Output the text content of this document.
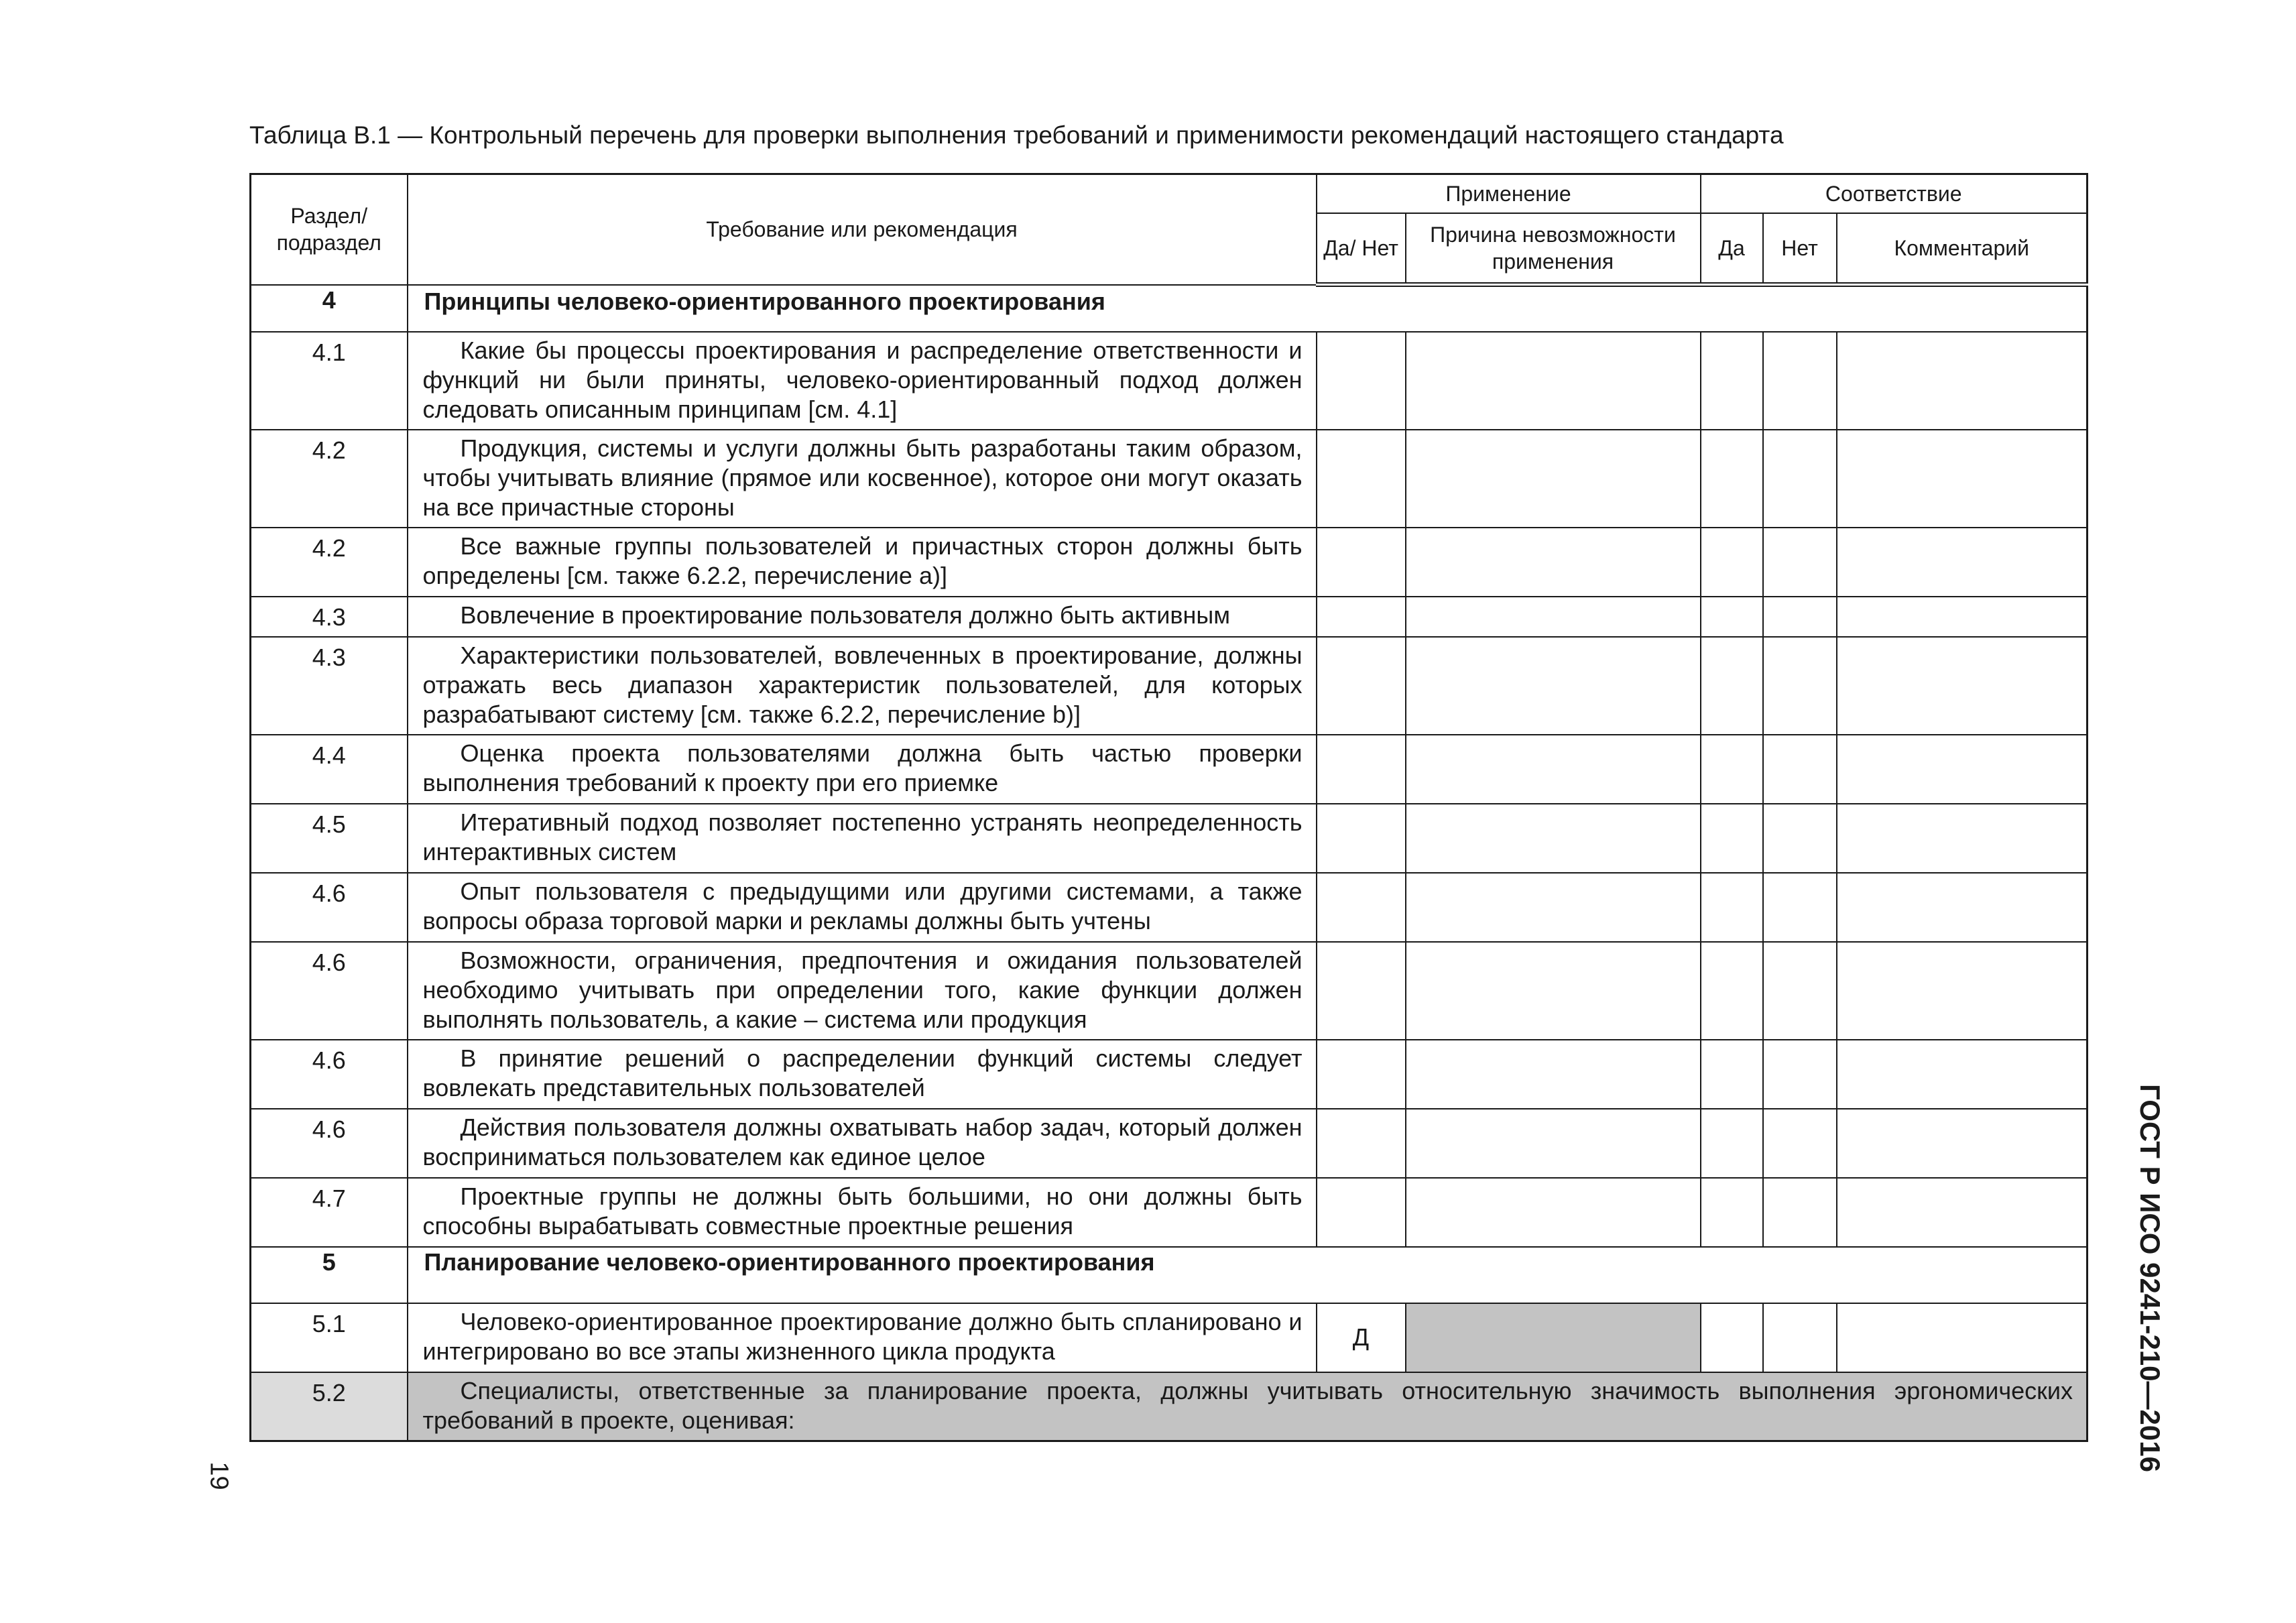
Таблица В.1 — Контрольный перечень для проверки выполнения требований и применимости рекомендаций настоящего стандарта
Раздел/ подраздел	Требование или рекомендация	Применение		Соответствие		
		Да/ Нет	Причина невозможности применения	Да	Нет	Комментарий
4	Принципы человеко-ориентированного проектирования					
4.1	Какие бы процессы проектирования и распределение ответственности и функций ни были приняты, человеко-ориентированный подход должен следовать описанным принципам [см. 4.1]					
4.2	Продукция, системы и услуги должны быть разработаны таким образом, чтобы учитывать влияние (прямое или косвенное), которое они могут оказать на все причастные стороны					
4.2	Все важные группы пользователей и причастных сторон должны быть определены [см. также 6.2.2, перечисление a)]					
4.3	Вовлечение в проектирование пользователя должно быть активным					
4.3	Характеристики пользователей, вовлеченных в проектирование, должны отражать весь диапазон характеристик пользователей, для которых разрабатывают систему [см. также 6.2.2, перечисление b)]					
4.4	Оценка проекта пользователями должна быть частью проверки выполнения требований к проекту при его приемке					
4.5	Итеративный подход позволяет постепенно устранять неопределенность интерактивных систем					
4.6	Опыт пользователя с предыдущими или другими системами, а также вопросы образа торговой марки и рекламы должны быть учтены					
4.6	Возможности, ограничения, предпочтения и ожидания пользователей необходимо учитывать при определении того, какие функции должен выполнять пользователь, а какие – система или продукция					
4.6	В принятие решений о распределении функций системы следует вовлекать представительных пользователей					
4.6	Действия пользователя должны охватывать набор задач, который должен восприниматься пользователем как единое целое					
4.7	Проектные группы не должны быть большими, но они должны быть способны вырабатывать совместные проектные решения					
5	Планирование человеко-ориентированного проектирования					
5.1	Человеко-ориентированное проектирование должно быть спланировано и интегрировано во все этапы жизненного цикла продукта	Д				
5.2	Специалисты, ответственные за планирование проекта, должны учитывать относительную значимость выполнения эргономических требований в проекте, оценивая:					
19
ГОСТ Р ИСО 9241-210—2016
